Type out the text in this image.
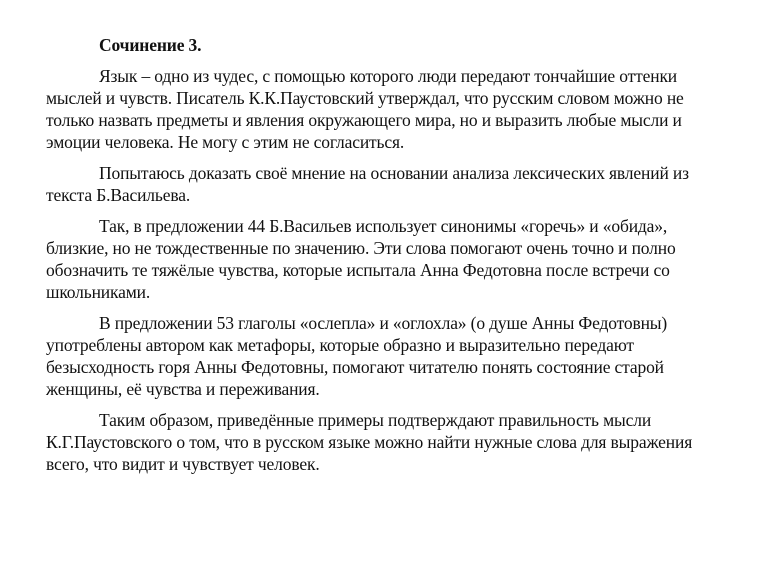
Сочинение 3.

Язык – одно из чудес, с помощью которого люди передают тончайшие оттенки мыслей и чувств. Писатель К.К.Паустовский утверждал, что русским словом можно не только назвать предметы и явления окружающего мира, но и выразить любые мысли и эмоции человека. Не могу с этим не согласиться.

Попытаюсь доказать своё мнение на основании анализа лексических явлений из текста Б.Васильева.

Так, в предложении 44 Б.Васильев использует синонимы «горечь» и «обида», близкие, но не тождественные по значению. Эти слова помогают очень точно и полно обозначить те тяжёлые чувства, которые испытала Анна Федотовна после встречи со школьниками.

В предложении 53 глаголы «ослепла» и «оглохла» (о душе Анны Федотовны) употреблены автором как метафоры, которые образно и выразительно передают безысходность горя Анны Федотовны, помогают читателю понять состояние старой женщины, её чувства и переживания.

Таким образом, приведённые примеры подтверждают правильность мысли К.Г.Паустовского о том, что в русском языке можно найти нужные слова для выражения всего, что видит и чувствует человек.
